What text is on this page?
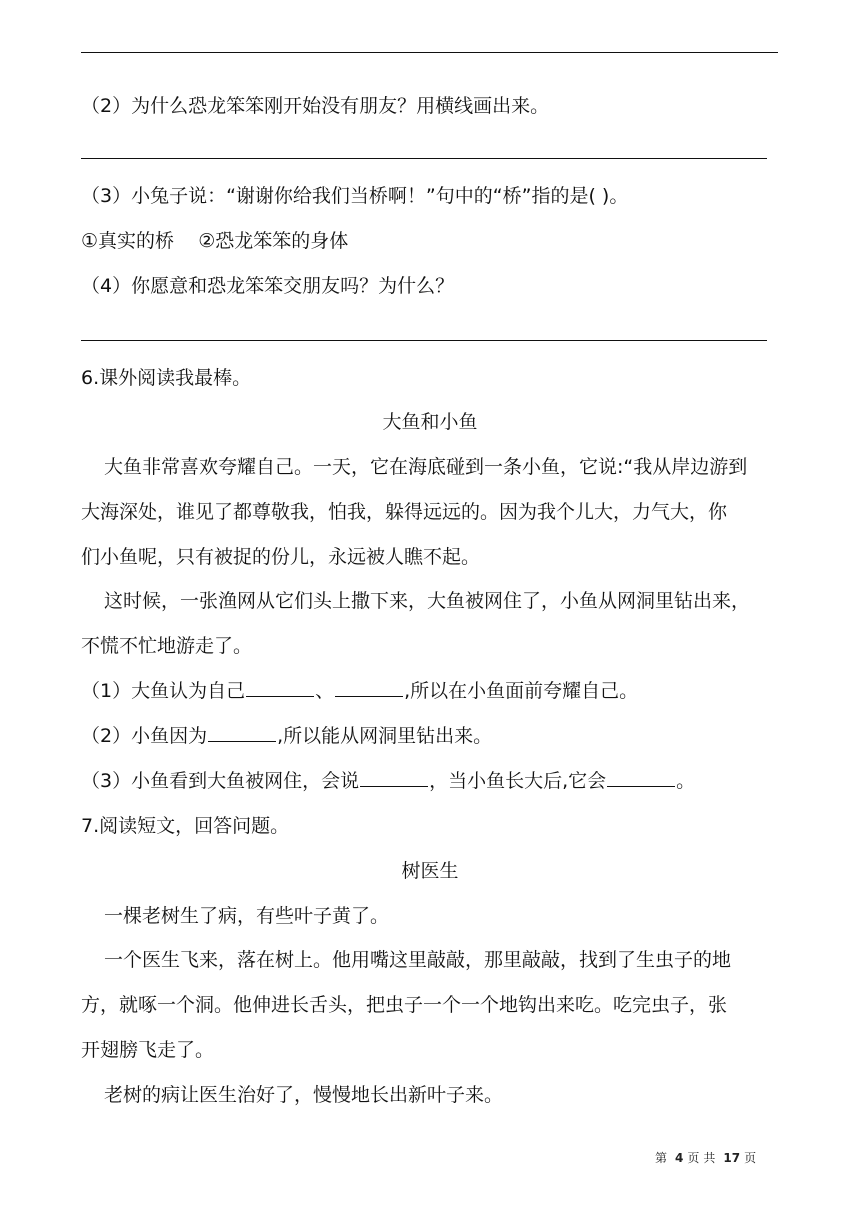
（2）为什么恐龙笨笨刚开始没有朋友？用横线画出来。
（3）小兔子说：“谢谢你给我们当桥啊！”句中的“桥”指的是( )。
①真实的桥    ②恐龙笨笨的身体
（4）你愿意和恐龙笨笨交朋友吗？为什么？
6.课外阅读我最棒。
大鱼和小鱼
大鱼非常喜欢夸耀自己。一天，它在海底碰到一条小鱼，它说:“我从岸边游到
大海深处，谁见了都尊敬我，怕我，躲得远远的。因为我个儿大，力气大，你
们小鱼呢，只有被捉的份儿，永远被人瞧不起。
这时候，一张渔网从它们头上撒下来，大鱼被网住了，小鱼从网洞里钻出来，
不慌不忙地游走了。
（1）大鱼认为自己	、	,所以在小鱼面前夸耀自己。
（2）小鱼因为	,所以能从网洞里钻出来。
（3）小鱼看到大鱼被网住，会说	，当小鱼长大后,它会	。
7.阅读短文，回答问题。
树医生
一棵老树生了病，有些叶子黄了。
一个医生飞来，落在树上。他用嘴这里敲敲，那里敲敲，找到了生虫子的地
方，就啄一个洞。他伸进长舌头，把虫子一个一个地钩出来吃。吃完虫子，张
开翅膀飞走了。
老树的病让医生治好了，慢慢地长出新叶子来。
第 4 页 共 17 页
